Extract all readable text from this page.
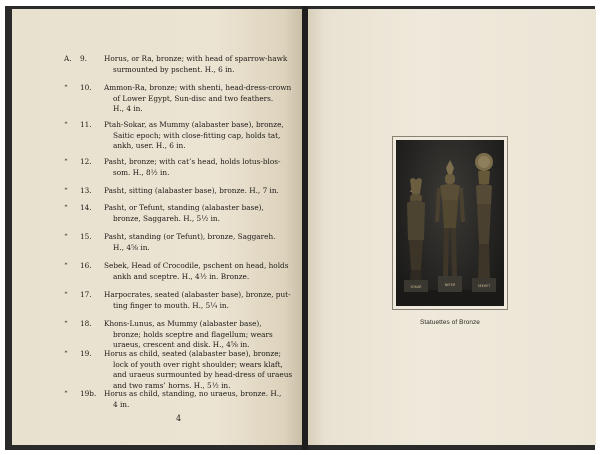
A. 9.	Horus, or Ra, bronze; with head of sparrow-hawk
surmounted by pschent. H., 6 in.
“ 10.	Ammon-Ra, bronze; with shenti, head-dress-crown
of Lower Egypt, Sun-disc and two feathers.
H., 4 in.
“ 11.	Ptah-Sokar, as Mummy (alabaster base), bronze,
Saitic epoch; with close-fitting cap, holds tat,
ankh, user. H., 6 in.
“ 12.	Pasht, bronze; with cat’s head, holds lotus-blos-
som. H., 8½ in.
“ 13.	Pasht, sitting (alabaster base), bronze. H., 7 in.
“ 14.	Pasht, or Tefunt, standing (alabaster base),
bronze, Saggareh. H., 5½ in.
“ 15.	Pasht, standing (or Tefunt), bronze, Saggareh.
H., 4⅝ in.
“ 16.	Sebek, Head of Crocodile, pschent on head, holds
ankh and sceptre. H., 4½ in. Bronze.
“ 17.	Harpocrates, seated (alabaster base), bronze, put-
ting finger to mouth. H., 5¼ in.
“ 18.	Khons-Lunus, as Mummy (alabaster base),
bronze; holds sceptre and flagellum; wears
uraeus, crescent and disk. H., 4⅝ in.
“ 19.	Horus as child, seated (alabaster base), bronze;
lock of youth over right shoulder; wears klaft,
and uraeus surmounted by head-dress of uraeus
and two rams’ horns. H., 5½ in.
“ 19b. Horus as child, standing, no uraeus, bronze. H.,
4 in.
4
SOKAR	NEFER	SEKHET
Statuettes of Bronze
